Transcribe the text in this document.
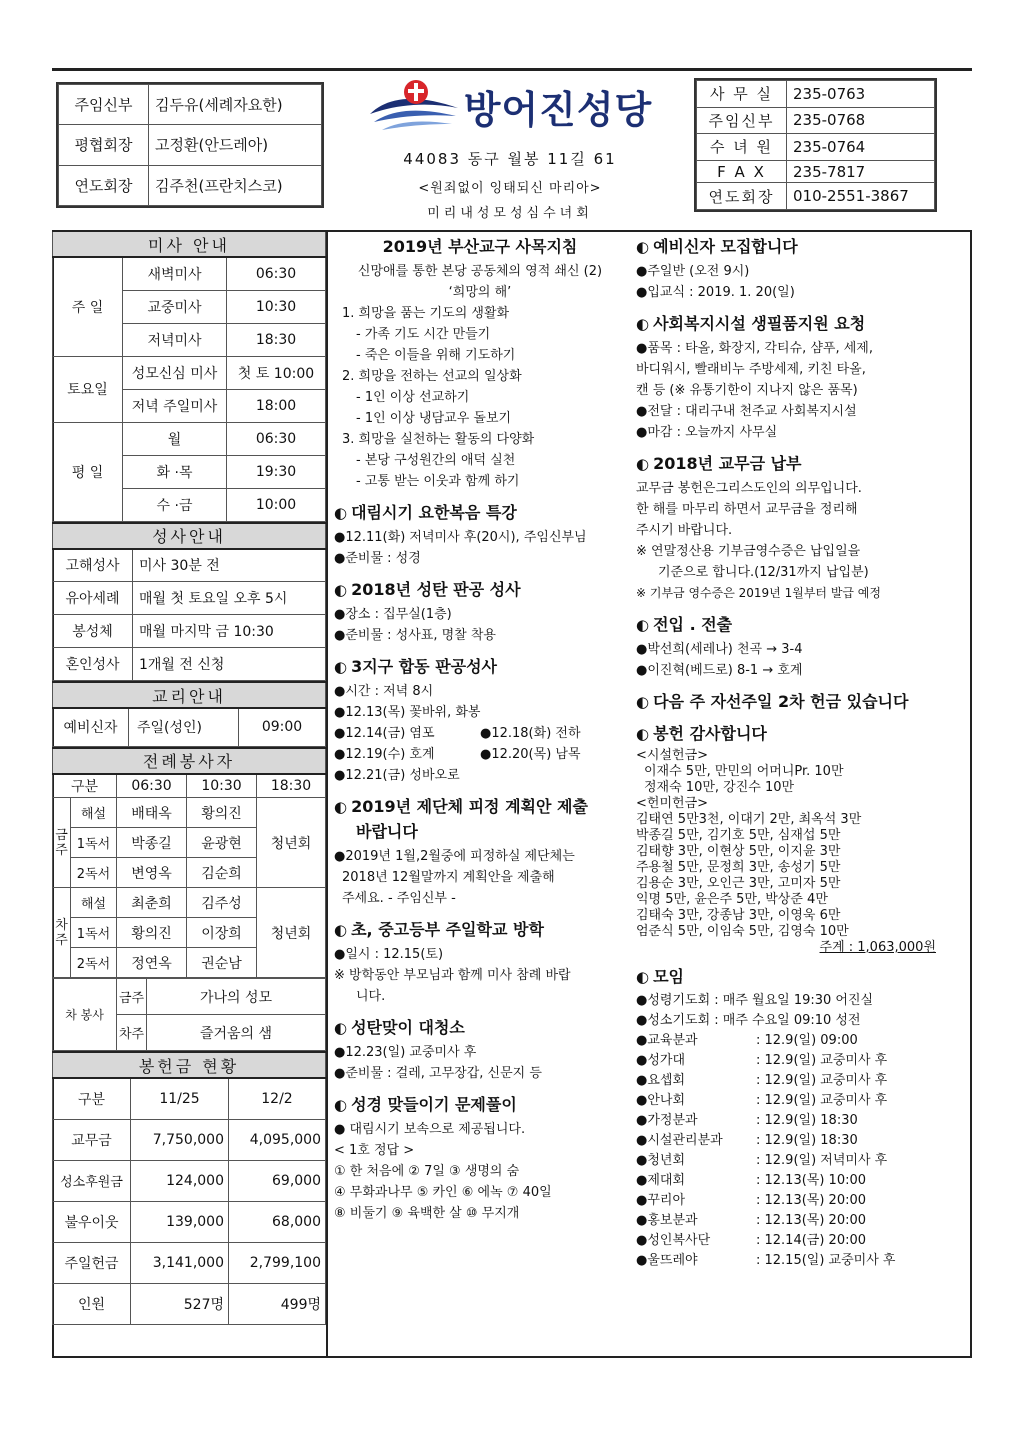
주임신부	김두유(세례자요한)
평협회장	고정환(안드레아)
연도회장	김주천(프란치스코)
방어진성당
44083 동구 월봉 11길 61
<원죄없이 잉태되신 마리아>
미리내성모성심수녀회
사 무 실	235-0763
주임신부	235-0768
수 녀 원	235-0764
F A X	235-7817
연도회장	010-2551-3867
미사 안내		
주 일	새벽미사	06:30
	교중미사	10:30
	저녁미사	18:30
토요일	성모신심 미사	첫 토 10:00
	저녁 주일미사	18:00
평 일	월	06:30
	화 ·목	19:30
	수 ·금	10:00
성사안내	
고해성사	미사 30분 전
유아세례	매월 첫 토요일 오후 5시
봉성체	매월 마지막 금 10:30
혼인성사	1개월 전 신청
교리안내
예비신자	주일(성인)	09:00
전례봉사자				
구분		06:30	10:30	18:30
금주	해설	배태옥	황의진	청년회
	1독서	박종길	윤광현	
	2독서	변영옥	김순희	
차주	해설	최춘희	김주성	청년회
	1독서	황의진	이장희	
	2독서	정연옥	권순남	
차 봉사	금주	가나의 성모
	차주	즐거움의 샘
봉헌금 현황		
구분	11/25	12/2
교무금	7,750,000	4,095,000
성소후원금	124,000	69,000
불우이웃	139,000	68,000
주일헌금	3,141,000	2,799,100
인원	527명	499명
2019년 부산교구 사목지침
신망애를 통한 본당 공동체의 영적 쇄신 (2)
‘희망의 해’
1. 희망을 품는 기도의 생활화
- 가족 기도 시간 만들기
- 죽은 이들을 위해 기도하기
2. 희망을 전하는 선교의 일상화
- 1인 이상 선교하기
- 1인 이상 냉담교우 돌보기
3. 희망을 실천하는 활동의 다양화
- 본당 구성원간의 애덕 실천
- 고통 받는 이웃과 함께 하기
◐ 대림시기 요한복음 특강
●12.11(화) 저녁미사 후(20시), 주임신부님
●준비물 : 성경
◐ 2018년 성탄 판공 성사
●장소 : 집무실(1층)
●준비물 : 성사표, 명찰 착용
◐ 3지구 합동 판공성사
●시간 : 저녁 8시
●12.13(목) 꽃바위, 화봉
●12.14(금) 염포	●12.18(화) 전하
●12.19(수) 호계	●12.20(목) 남목
●12.21(금) 성바오로
◐ 2019년 제단체 피정 계획안 제출
바랍니다
●2019년 1월,2월중에 피정하실 제단체는
2018년 12월말까지 계획안을 제출해
주세요. - 주임신부 -
◐ 초, 중고등부 주일학교 방학
●일시 : 12.15(토)
※ 방학동안 부모님과 함께 미사 참례 바랍
니다.
◐ 성탄맞이 대청소
●12.23(일) 교중미사 후
●준비물 : 걸레, 고무장갑, 신문지 등
◐ 성경 맞들이기 문제풀이
● 대림시기 보속으로 제공됩니다.
< 1호 정답 >
① 한 처음에 ② 7일 ③ 생명의 숨
④ 무화과나무 ⑤ 카인 ⑥ 에녹 ⑦ 40일
⑧ 비둘기 ⑨ 육백한 살 ⑩ 무지개
◐ 예비신자 모집합니다
●주일반 (오전 9시)
●입교식 : 2019. 1. 20(일)
◐ 사회복지시설 생필품지원 요청
●품목 : 타올, 화장지, 각티슈, 샴푸, 세제,
바디워시, 빨래비누 주방세제, 키친 타올,
캔 등 (※ 유통기한이 지나지 않은 품목)
●전달 : 대리구내 천주교 사회복지시설
●마감 : 오늘까지 사무실
◐ 2018년 교무금 납부
교무금 봉헌은그리스도인의 의무입니다.
한 해를 마무리 하면서 교무금을 정리해
주시기 바랍니다.
※ 연말정산용 기부금영수증은 납입일을
기준으로 합니다.(12/31까지 납입분)
※ 기부금 영수증은 2019년 1월부터 발급 예정
◐ 전입 . 전출
●박선희(세레나) 천곡 → 3-4
●이진혁(베드로) 8-1 → 호계
◐ 다음 주 자선주일 2차 헌금 있습니다
◐ 봉헌 감사합니다
<시설헌금>
이재수 5만, 만민의 어머니Pr. 10만
정재숙 10만, 강진수 10만
<헌미헌금>
김태연 5만3천, 이대기 2만, 최옥석 3만
박종길 5만, 김기호 5만, 심재섭 5만
김태향 3만, 이현상 5만, 이지윤 3만
주용철 5만, 문정희 3만, 송성기 5만
김용순 3만, 오인근 3만, 고미자 5만
익명 5만, 윤은주 5만, 박상준 4만
김태숙 3만, 강종남 3만, 이영욱 6만
엄준식 5만, 이임숙 5만, 김영숙 10만
주계 : 1,063,000원
◐ 모임
●성령기도회 : 매주 월요일 19:30 어진실
●성소기도회 : 매주 수요일 09:10 성전
●교육분과	: 12.9(일) 09:00
●성가대	: 12.9(일) 교중미사 후
●요셉회	: 12.9(일) 교중미사 후
●안나회	: 12.9(일) 교중미사 후
●가정분과	: 12.9(일) 18:30
●시설관리분과	: 12.9(일) 18:30
●청년회	: 12.9(일) 저녁미사 후
●제대회	: 12.13(목) 10:00
●꾸리아	: 12.13(목) 20:00
●홍보분과	: 12.13(목) 20:00
●성인복사단	: 12.14(금) 20:00
●울뜨레야	: 12.15(일) 교중미사 후
